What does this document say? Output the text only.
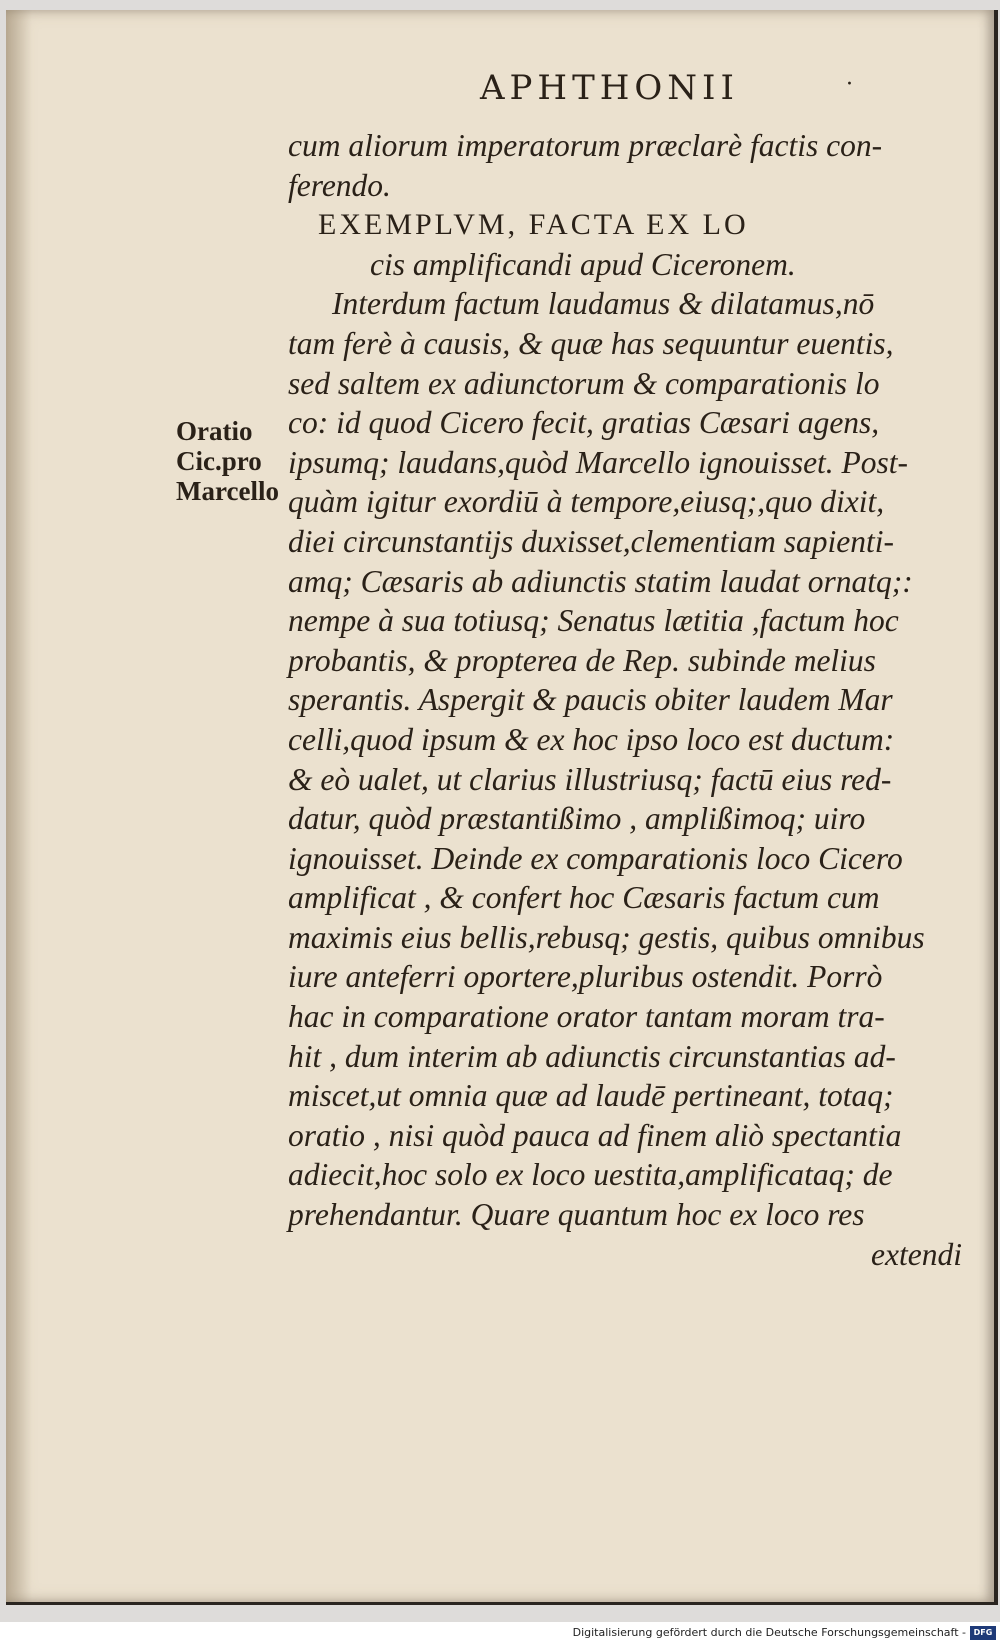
APHTHONII	·
Oratio
Cic.pro
Marcello
cum aliorum imperatorum præclarè factis con-
ferendo.
EXEMPLVM, FACTA EX LO
cis amplificandi apud Ciceronem.
Interdum factum laudamus & dilatamus,nō
tam ferè à causis, & quæ has sequuntur euentis,
sed saltem ex adiunctorum & comparationis lo
co: id quod Cicero fecit, gratias Cæsari agens,
ipsumq; laudans,quòd Marcello ignouisset. Post-
quàm igitur exordiū à tempore,eiusq;,quo dixit,
diei circunstantijs duxisset,clementiam sapienti-
amq; Cæsaris ab adiunctis statim laudat ornatq;:
nempe à sua totiusq; Senatus lætitia ,factum hoc
probantis, & propterea de Rep. subinde melius
sperantis. Aspergit & paucis obiter laudem Mar
celli,quod ipsum & ex hoc ipso loco est ductum:
& eò ualet, ut clarius illustriusq; factū eius red-
datur, quòd præstantißimo , amplißimoq; uiro
ignouisset. Deinde ex comparationis loco Cicero
amplificat , & confert hoc Cæsaris factum cum
maximis eius bellis,rebusq; gestis, quibus omnibus
iure anteferri oportere,pluribus ostendit. Porrò
hac in comparatione orator tantam moram tra-
hit , dum interim ab adiunctis circunstantias ad-
miscet,ut omnia quæ ad laudē pertineant, totaq;
oratio , nisi quòd pauca ad finem aliò spectantia
adiecit,hoc solo ex loco uestita,amplificataq; de
prehendantur. Quare quantum hoc ex loco res
extendi
Digitalisierung gefördert durch die Deutsche Forschungsgemeinschaft - DFG
